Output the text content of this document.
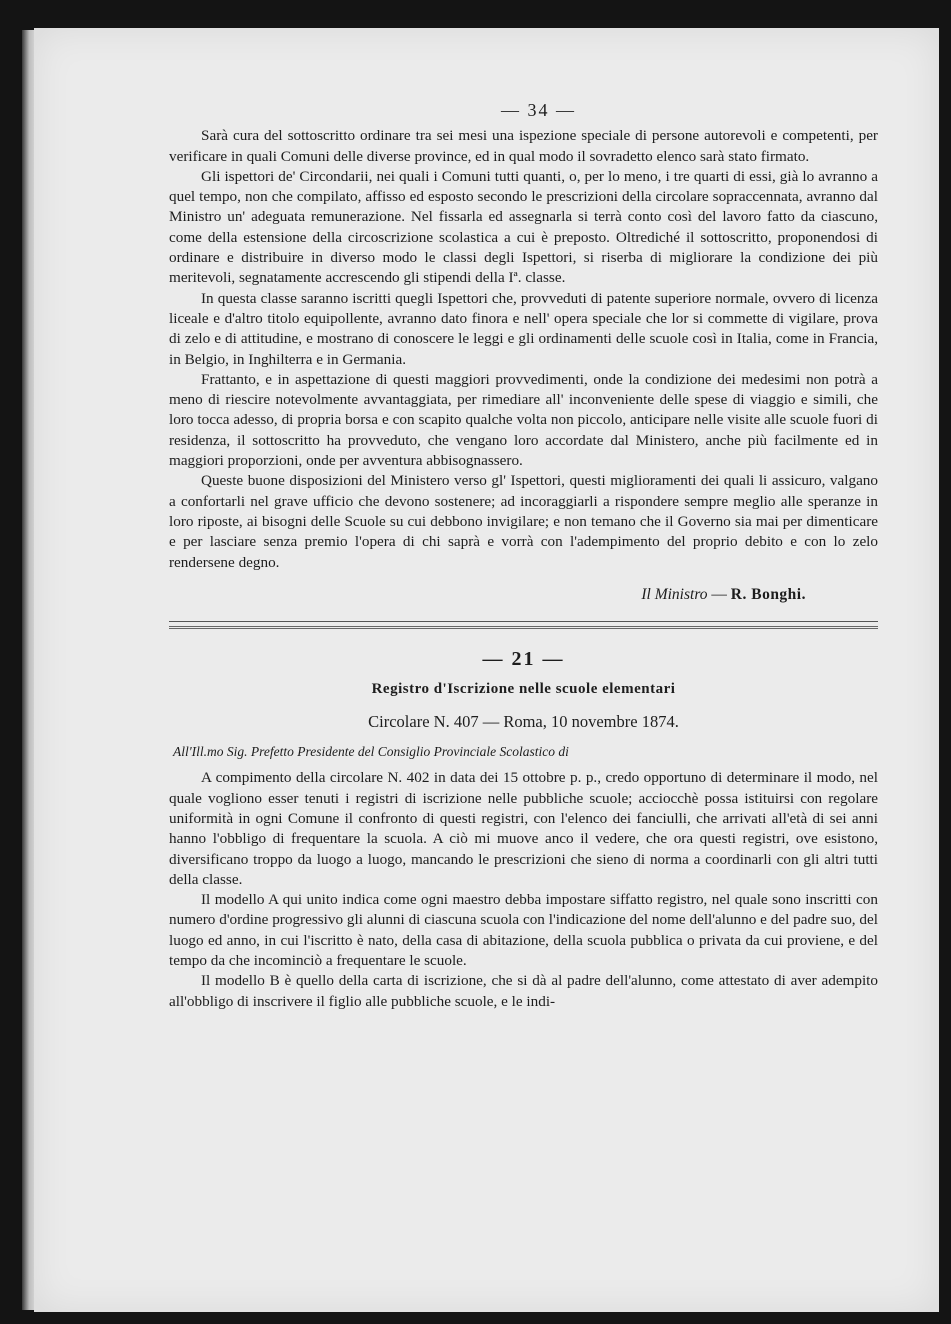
— 34 —

Sarà cura del sottoscritto ordinare tra sei mesi una ispezione speciale di persone autorevoli e competenti, per verificare in quali Comuni delle diverse province, ed in qual modo il sovradetto elenco sarà stato firmato.

Gli ispettori de' Circondarii, nei quali i Comuni tutti quanti, o, per lo meno, i tre quarti di essi, già lo avranno a quel tempo, non che compilato, affisso ed esposto secondo le prescrizioni della circolare sopraccennata, avranno dal Ministro un' adeguata remunerazione. Nel fissarla ed assegnarla si terrà conto così del lavoro fatto da ciascuno, come della estensione della circoscrizione scolastica a cui è preposto. Oltrediché il sottoscritto, proponendosi di ordinare e distribuire in diverso modo le classi degli Ispettori, si riserba di migliorare la condizione dei più meritevoli, segnatamente accrescendo gli stipendi della Iª. classe.

In questa classe saranno iscritti quegli Ispettori che, provveduti di patente superiore normale, ovvero di licenza liceale e d'altro titolo equipollente, avranno dato finora e nell' opera speciale che lor si commette di vigilare, prova di zelo e di attitudine, e mostrano di conoscere le leggi e gli ordinamenti delle scuole così in Italia, come in Francia, in Belgio, in Inghilterra e in Germania.

Frattanto, e in aspettazione di questi maggiori provvedimenti, onde la condizione dei medesimi non potrà a meno di riescire notevolmente avvantaggiata, per rimediare all' inconveniente delle spese di viaggio e simili, che loro tocca adesso, di propria borsa e con scapito qualche volta non piccolo, anticipare nelle visite alle scuole fuori di residenza, il sottoscritto ha provveduto, che vengano loro accordate dal Ministero, anche più facilmente ed in maggiori proporzioni, onde per avventura abbisognassero.

Queste buone disposizioni del Ministero verso gl' Ispettori, questi miglioramenti dei quali li assicuro, valgano a confortarli nel grave ufficio che devono sostenere; ad incoraggiarli a rispondere sempre meglio alle speranze in loro riposte, ai bisogni delle Scuole su cui debbono invigilare; e non temano che il Governo sia mai per dimenticare e per lasciare senza premio l'opera di chi saprà e vorrà con l'adempimento del proprio debito e con lo zelo rendersene degno.

Il Ministro — R. Bonghi.
— 21 —
Registro d'Iscrizione nelle scuole elementari
Circolare N. 407 — Roma, 10 novembre 1874.
All'Ill.mo Sig. Prefetto Presidente del Consiglio Provinciale Scolastico di

A compimento della circolare N. 402 in data dei 15 ottobre p. p., credo opportuno di determinare il modo, nel quale vogliono esser tenuti i registri di iscrizione nelle pubbliche scuole; acciocchè possa istituirsi con regolare uniformità in ogni Comune il confronto di questi registri, con l'elenco dei fanciulli, che arrivati all'età di sei anni hanno l'obbligo di frequentare la scuola. A ciò mi muove anco il vedere, che ora questi registri, ove esistono, diversificano troppo da luogo a luogo, mancando le prescrizioni che sieno di norma a coordinarli con gli altri tutti della classe.

Il modello A qui unito indica come ogni maestro debba impostare siffatto registro, nel quale sono inscritti con numero d'ordine progressivo gli alunni di ciascuna scuola con l'indicazione del nome dell'alunno e del padre suo, del luogo ed anno, in cui l'iscritto è nato, della casa di abitazione, della scuola pubblica o privata da cui proviene, e del tempo da che incominciò a frequentare le scuole.

Il modello B è quello della carta di iscrizione, che si dà al padre dell'alunno, come attestato di aver adempito all'obbligo di inscrivere il figlio alle pubbliche scuole, e le indi-
